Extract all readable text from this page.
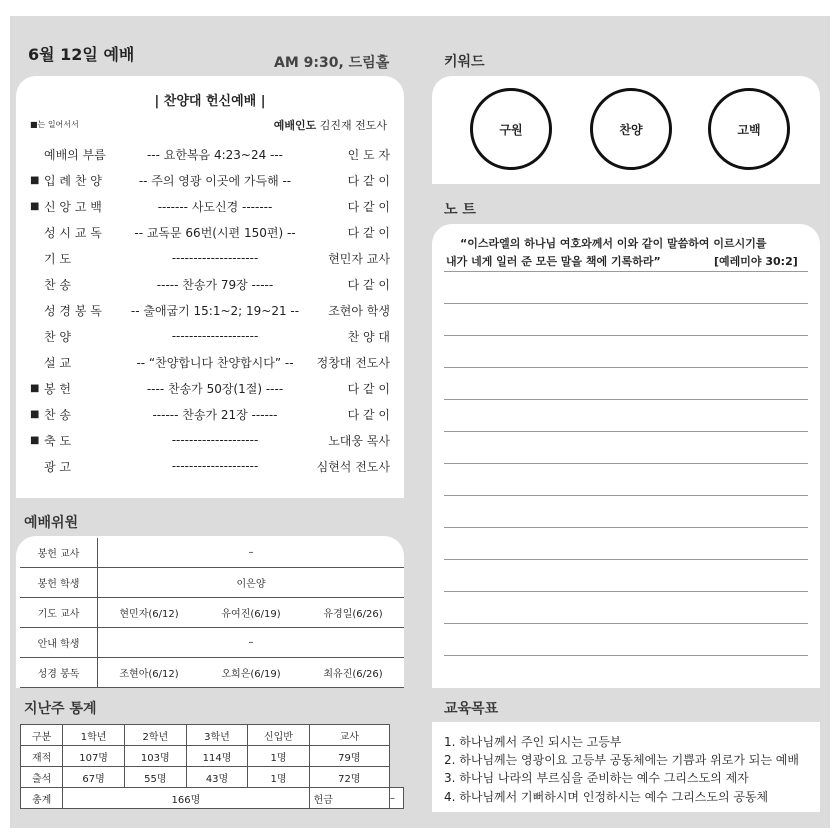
6월 12일 예배	AM 9:30, 드림홀
| 찬양대 헌신예배 |
■는 일어서서	예배인도 김진재 전도사
예배의 부름	--- 요한복음 4:23~24 ---	인 도 자
■ 입 례 찬 양	-- 주의 영광 이곳에 가득해 --	다 같 이
■ 신 앙 고 백	------- 사도신경 -------	다 같 이
성 시 교 독	-- 교독문 66번(시편 150편) --	다 같 이
기 도	--------------------	현민자 교사
찬 송	----- 찬송가 79장 -----	다 같 이
성 경 봉 독	-- 출애굽기 15:1~2; 19~21 --	조현아 학생
찬 양	--------------------	찬 양 대
설 교	-- “찬양합니다 찬양합시다” --	정창대 전도사
■ 봉 헌	---- 찬송가 50장(1절) ----	다 같 이
■ 찬 송	------ 찬송가 21장 ------	다 같 이
■ 축 도	--------------------	노대웅 목사
광 고	--------------------	심현석 전도사
예배위원
봉헌 교사	–
봉헌 학생	이은양
기도 교사	현민자(6/12)	유여진(6/19)	유경일(6/26)
안내 학생	–
성경 봉독	조현아(6/12)	오희은(6/19)	최유진(6/26)
지난주 통계
구분	1학년	2학년	3학년	신입반	교사	
재적	107명	103명	114명	1명	79명	
출석	67명	55명	43명	1명	72명	
총계	166명				헌금	–
키워드
구원	찬양	고백
노 트
“이스라엘의 하나님 여호와께서 이와 같이 말씀하여 이르시기를
내가 네게 일러 준 모든 말을 책에 기록하라”	[예레미야 30:2]
교육목표
1. 하나님께서 주인 되시는 고등부
2. 하나님께는 영광이요 고등부 공동체에는 기쁨과 위로가 되는 예배
3. 하나님 나라의 부르심을 준비하는 예수 그리스도의 제자
4. 하나님께서 기뻐하시며 인정하시는 예수 그리스도의 공동체
